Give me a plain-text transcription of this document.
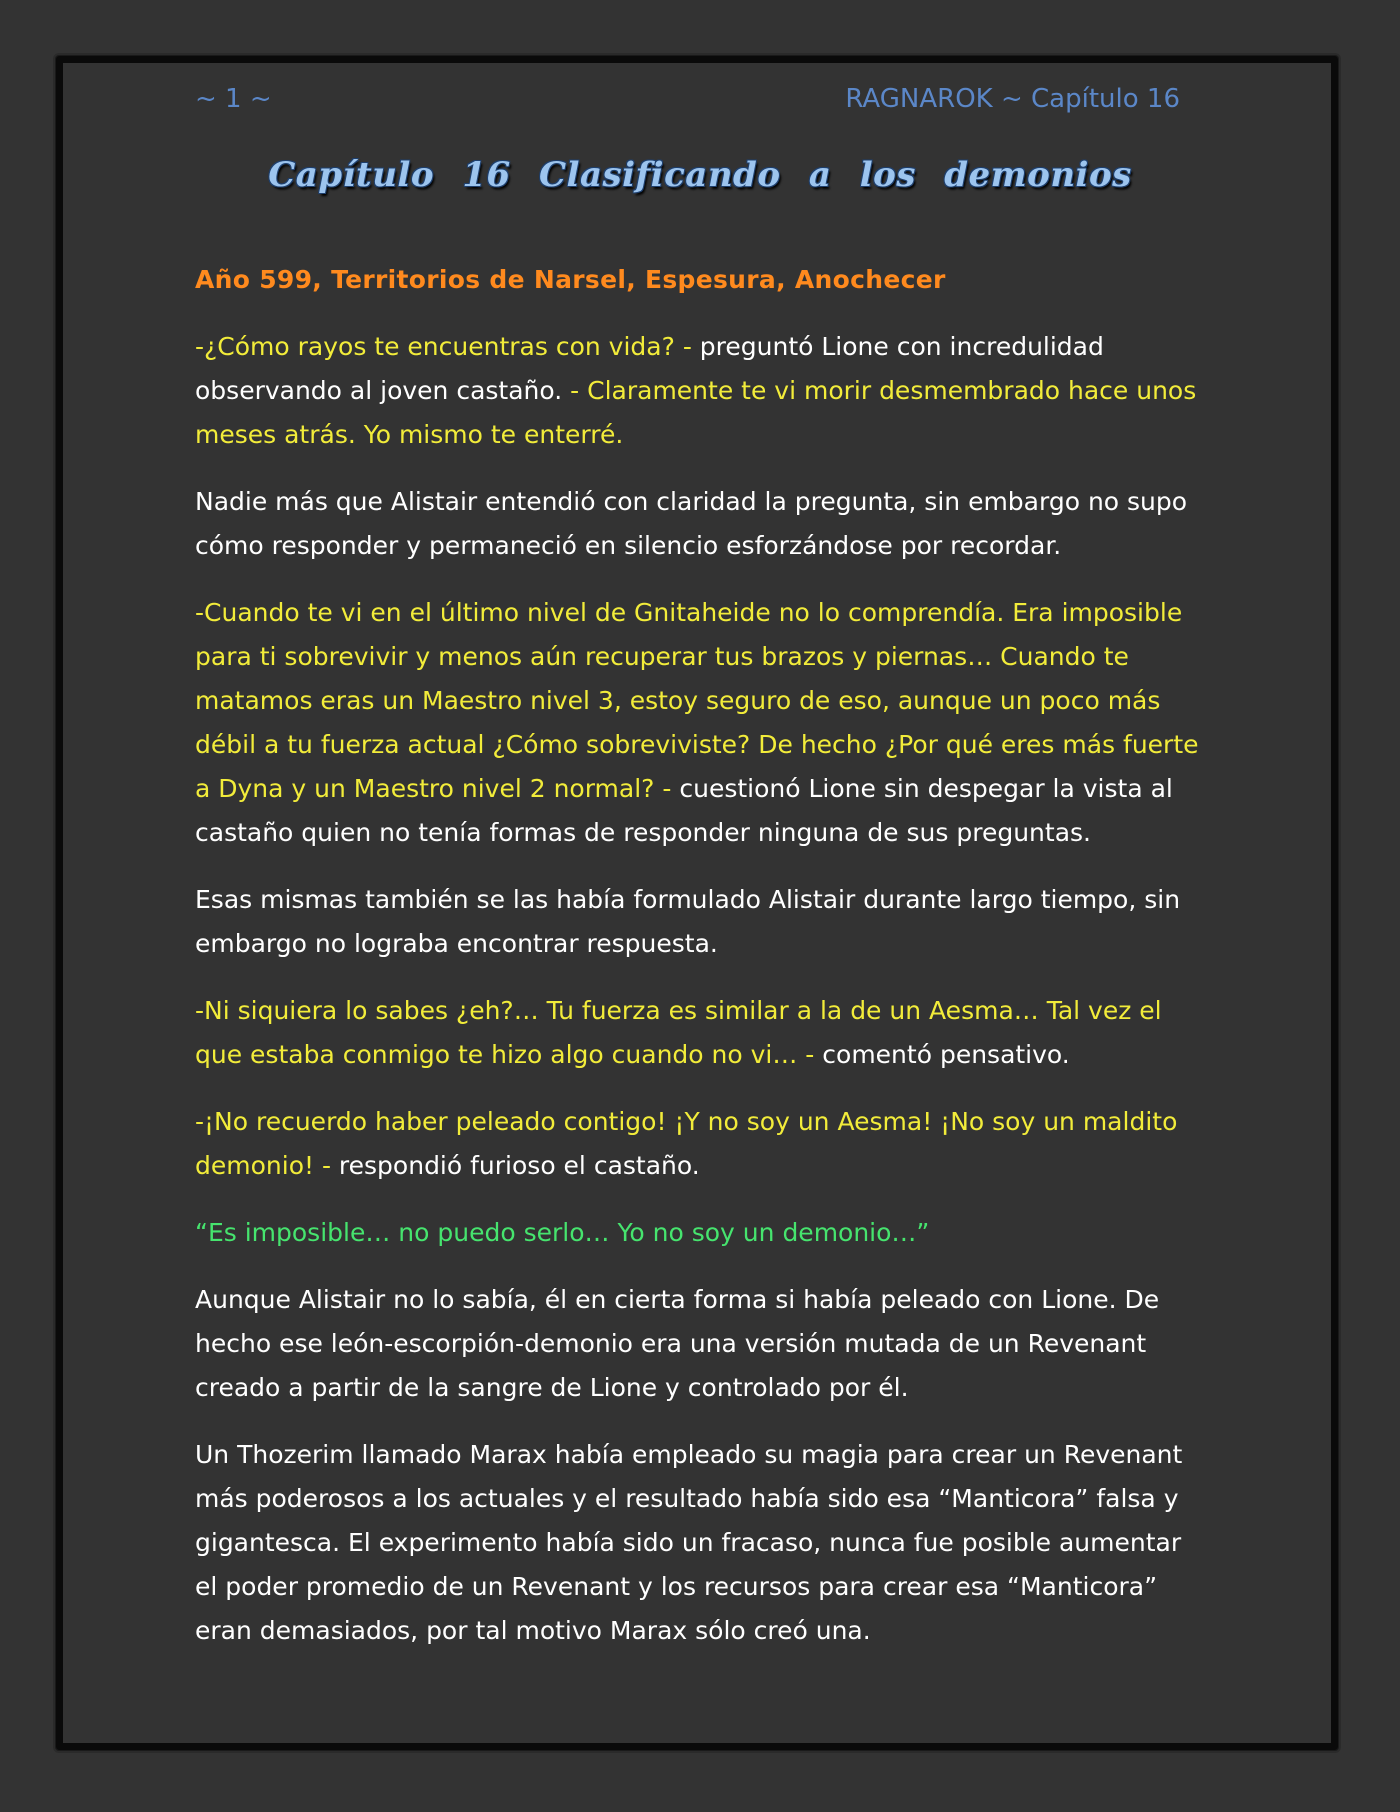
~ 1 ~	RAGNAROK ~ Capítulo 16
Capítulo 16 Clasificando a los demonios

Año 599, Territorios de Narsel, Espesura, Anochecer

-¿Cómo rayos te encuentras con vida? - preguntó Lione con incredulidad observando al joven castaño. - Claramente te vi morir desmembrado hace unos meses atrás. Yo mismo te enterré.

Nadie más que Alistair entendió con claridad la pregunta, sin embargo no supo cómo responder y permaneció en silencio esforzándose por recordar.

-Cuando te vi en el último nivel de Gnitaheide no lo comprendía. Era imposible para ti sobrevivir y menos aún recuperar tus brazos y piernas… Cuando te matamos eras un Maestro nivel 3, estoy seguro de eso, aunque un poco más débil a tu fuerza actual ¿Cómo sobreviviste? De hecho ¿Por qué eres más fuerte a Dyna y un Maestro nivel 2 normal? - cuestionó Lione sin despegar la vista al castaño quien no tenía formas de responder ninguna de sus preguntas.

Esas mismas también se las había formulado Alistair durante largo tiempo, sin embargo no lograba encontrar respuesta.

-Ni siquiera lo sabes ¿eh?… Tu fuerza es similar a la de un Aesma… Tal vez el que estaba conmigo te hizo algo cuando no vi… - comentó pensativo.

-¡No recuerdo haber peleado contigo! ¡Y no soy un Aesma! ¡No soy un maldito demonio! - respondió furioso el castaño.

“Es imposible… no puedo serlo… Yo no soy un demonio…”

Aunque Alistair no lo sabía, él en cierta forma si había peleado con Lione. De hecho ese león-escorpión-demonio era una versión mutada de un Revenant creado a partir de la sangre de Lione y controlado por él.

Un Thozerim llamado Marax había empleado su magia para crear un Revenant más poderosos a los actuales y el resultado había sido esa “Manticora” falsa y gigantesca. El experimento había sido un fracaso, nunca fue posible aumentar el poder promedio de un Revenant y los recursos para crear esa “Manticora” eran demasiados, por tal motivo Marax sólo creó una.
